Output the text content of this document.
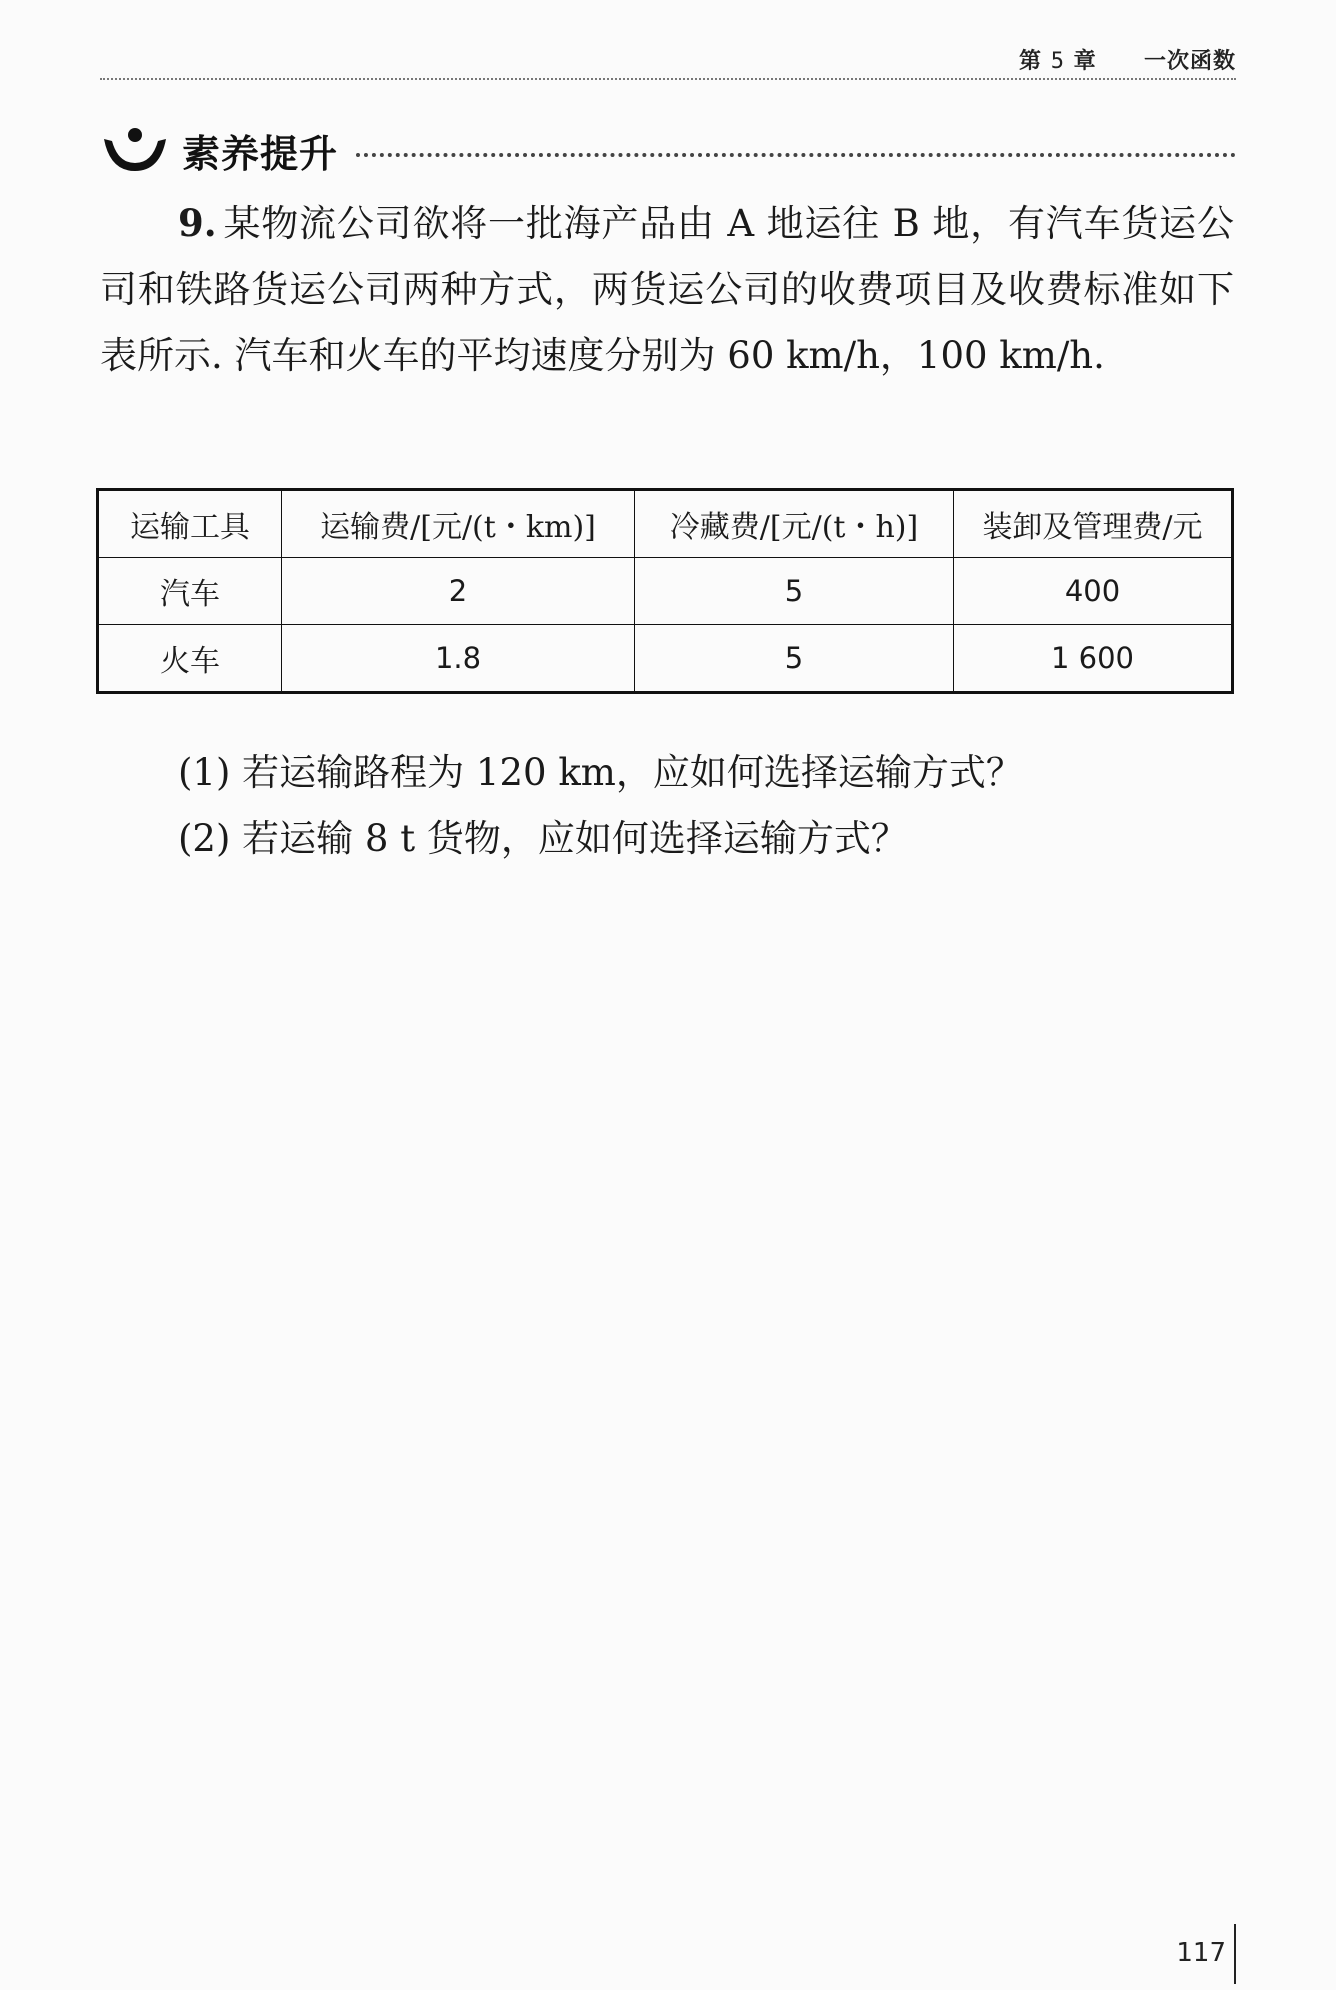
第 5 章 一次函数
素养提升

9. 某物流公司欲将一批海产品由 A 地运往 B 地，有汽车货运公司和铁路货运公司两种方式，两货运公司的收费项目及收费标准如下表所示. 汽车和火车的平均速度分别为 60 km/h，100 km/h.

运输工具	运输费/[元/(t・km)]	冷藏费/[元/(t・h)]	装卸及管理费/元
汽车	2	5	400
火车	1.8	5	1 600
(1) 若运输路程为 120 km，应如何选择运输方式？
(2) 若运输 8 t 货物，应如何选择运输方式？
117
